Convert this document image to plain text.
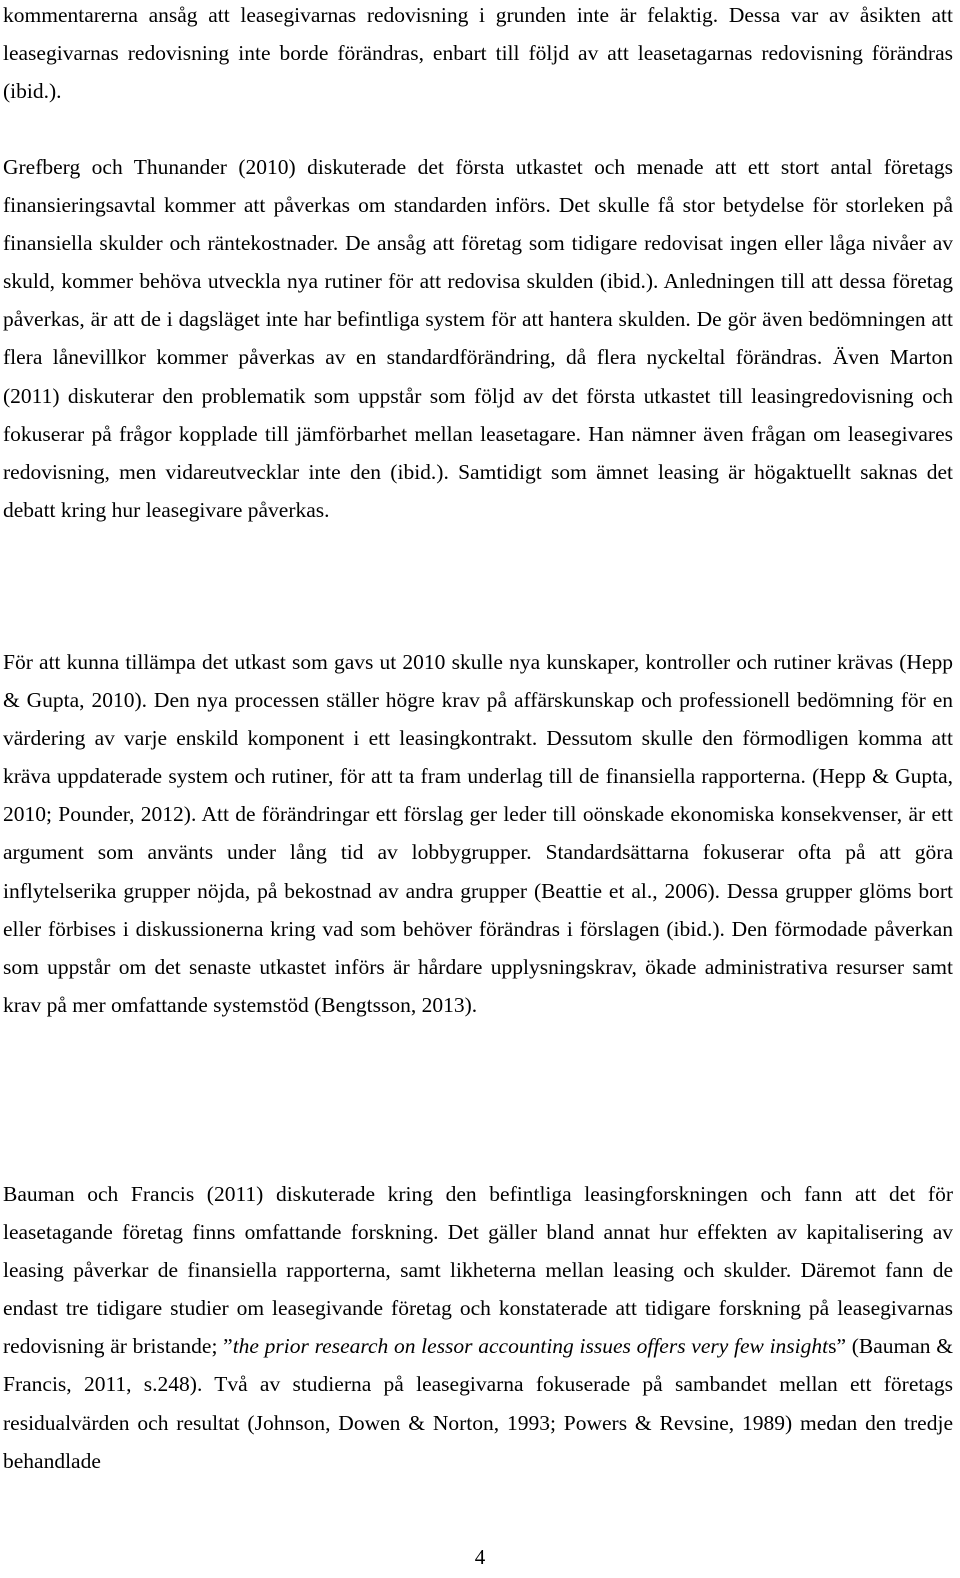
kommentarerna ansåg att leasegivarnas redovisning i grunden inte är felaktig. Dessa var av åsikten att leasegivarnas redovisning inte borde förändras, enbart till följd av att leasetagarnas redovisning förändras (ibid.).

Grefberg och Thunander (2010) diskuterade det första utkastet och menade att ett stort antal företags finansieringsavtal kommer att påverkas om standarden införs. Det skulle få stor betydelse för storleken på finansiella skulder och räntekostnader. De ansåg att företag som tidigare redovisat ingen eller låga nivåer av skuld, kommer behöva utveckla nya rutiner för att redovisa skulden (ibid.). Anledningen till att dessa företag påverkas, är att de i dagsläget inte har befintliga system för att hantera skulden. De gör även bedömningen att flera lånevillkor kommer påverkas av en standardförändring, då flera nyckeltal förändras. Även Marton (2011) diskuterar den problematik som uppstår som följd av det första utkastet till leasingredovisning och fokuserar på frågor kopplade till jämförbarhet mellan leasetagare. Han nämner även frågan om leasegivares redovisning, men vidareutvecklar inte den (ibid.). Samtidigt som ämnet leasing är högaktuellt saknas det debatt kring hur leasegivare påverkas.

För att kunna tillämpa det utkast som gavs ut 2010 skulle nya kunskaper, kontroller och rutiner krävas (Hepp & Gupta, 2010). Den nya processen ställer högre krav på affärskunskap och professionell bedömning för en värdering av varje enskild komponent i ett leasingkontrakt. Dessutom skulle den förmodligen komma att kräva uppdaterade system och rutiner, för att ta fram underlag till de finansiella rapporterna. (Hepp & Gupta, 2010; Pounder, 2012). Att de förändringar ett förslag ger leder till oönskade ekonomiska konsekvenser, är ett argument som använts under lång tid av lobbygrupper. Standardsättarna fokuserar ofta på att göra inflytelserika grupper nöjda, på bekostnad av andra grupper (Beattie et al., 2006). Dessa grupper glöms bort eller förbises i diskussionerna kring vad som behöver förändras i förslagen (ibid.). Den förmodade påverkan som uppstår om det senaste utkastet införs är hårdare upplysningskrav, ökade administrativa resurser samt krav på mer omfattande systemstöd (Bengtsson, 2013).

Bauman och Francis (2011) diskuterade kring den befintliga leasingforskningen och fann att det för leasetagande företag finns omfattande forskning. Det gäller bland annat hur effekten av kapitalisering av leasing påverkar de finansiella rapporterna, samt likheterna mellan leasing och skulder. Däremot fann de endast tre tidigare studier om leasegivande företag och konstaterade att tidigare forskning på leasegivarnas redovisning är bristande; ”the prior research on lessor accounting issues offers very few insights” (Bauman & Francis, 2011, s.248). Två av studierna på leasegivarna fokuserade på sambandet mellan ett företags residualvärden och resultat (Johnson, Dowen & Norton, 1993; Powers & Revsine, 1989) medan den tredje behandlade

4
